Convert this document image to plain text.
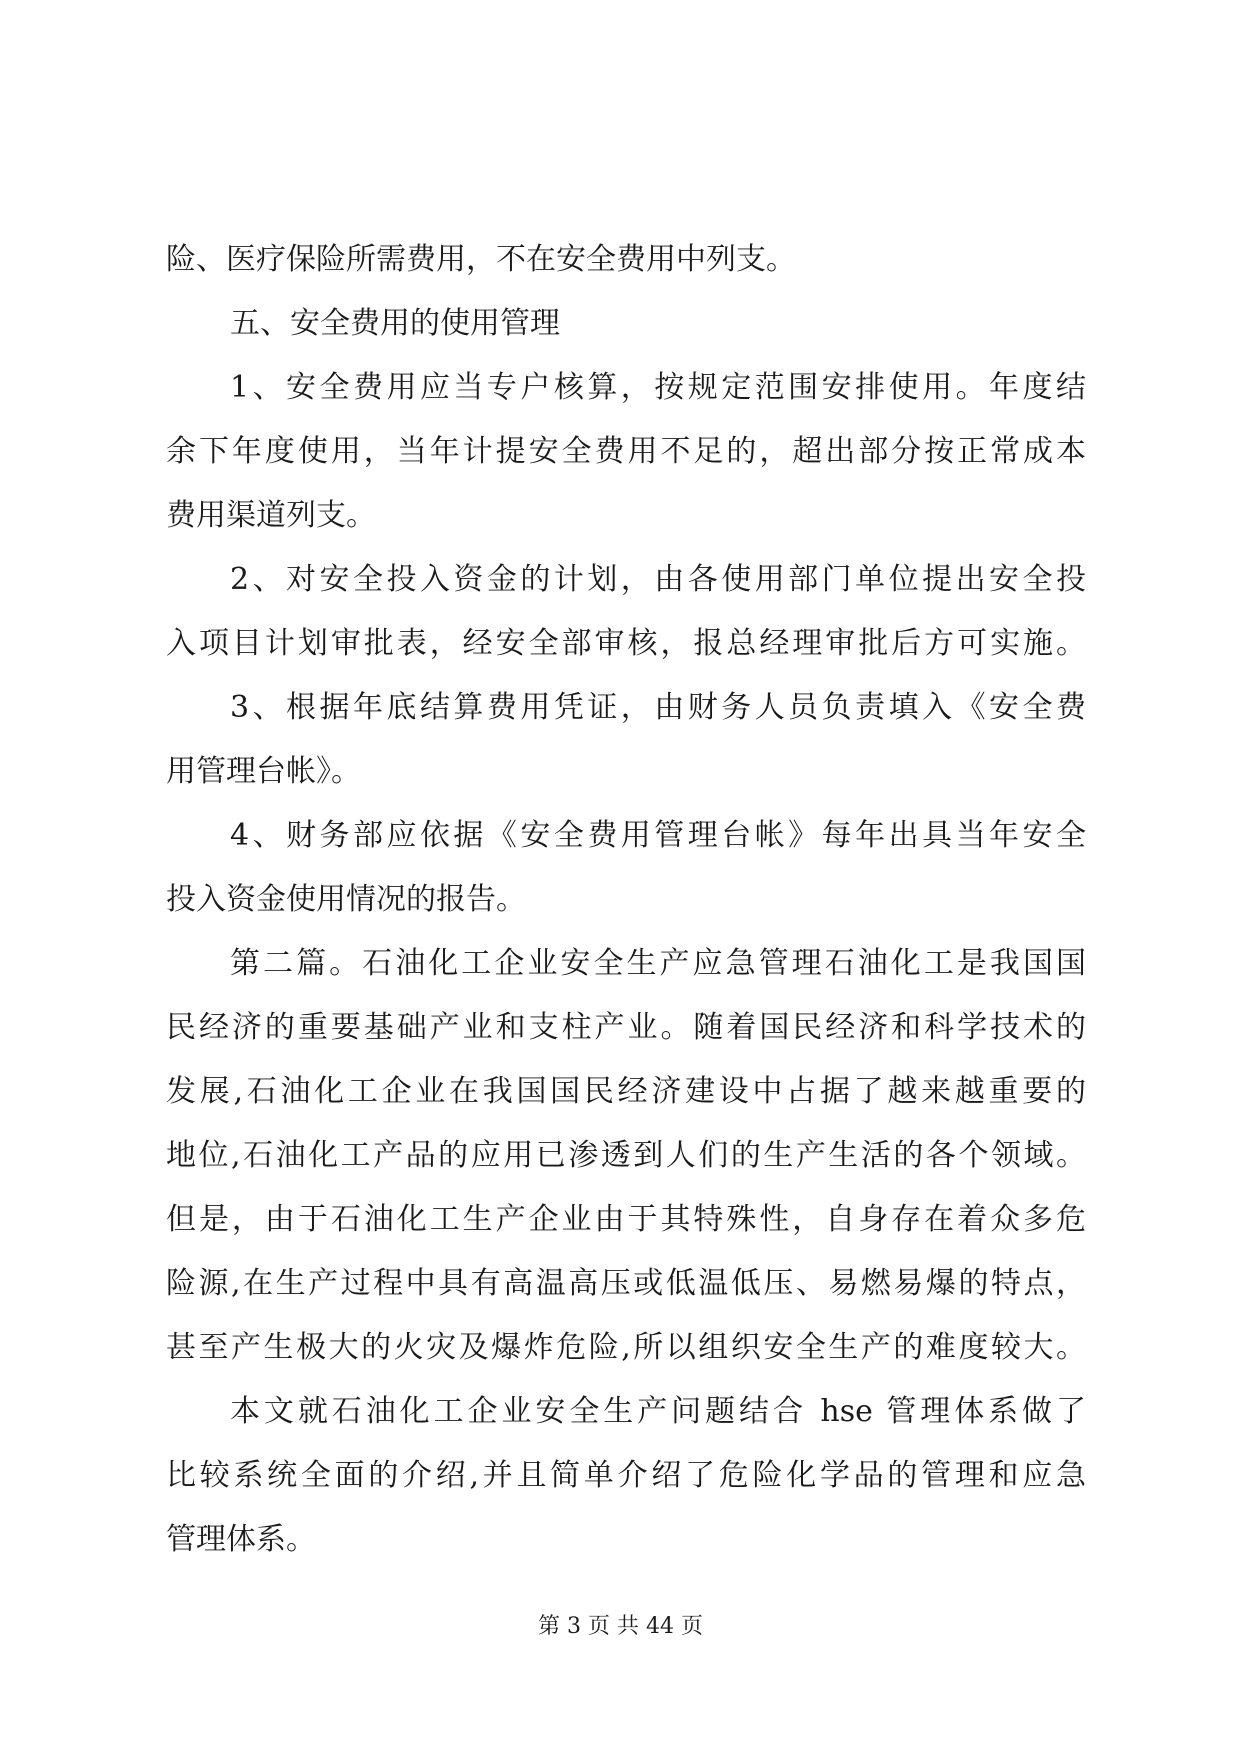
险、医疗保险所需费用，不在安全费用中列支。
五、安全费用的使用管理
1、安全费用应当专户核算，按规定范围安排使用。年度结
余下年度使用，当年计提安全费用不足的，超出部分按正常成本
费用渠道列支。
2、对安全投入资金的计划，由各使用部门单位提出安全投
入项目计划审批表，经安全部审核，报总经理审批后方可实施。
3、根据年底结算费用凭证，由财务人员负责填入《安全费
用管理台帐》。
4、财务部应依据《安全费用管理台帐》每年出具当年安全
投入资金使用情况的报告。
第二篇。石油化工企业安全生产应急管理石油化工是我国国
民经济的重要基础产业和支柱产业。随着国民经济和科学技术的
发展,石油化工企业在我国国民经济建设中占据了越来越重要的
地位,石油化工产品的应用已渗透到人们的生产生活的各个领域。
但是，由于石油化工生产企业由于其特殊性，自身存在着众多危
险源,在生产过程中具有高温高压或低温低压、易燃易爆的特点，
甚至产生极大的火灾及爆炸危险,所以组织安全生产的难度较大。
本文就石油化工企业安全生产问题结合 hse 管理体系做了
比较系统全面的介绍,并且简单介绍了危险化学品的管理和应急
管理体系。
第 3 页 共 44 页
